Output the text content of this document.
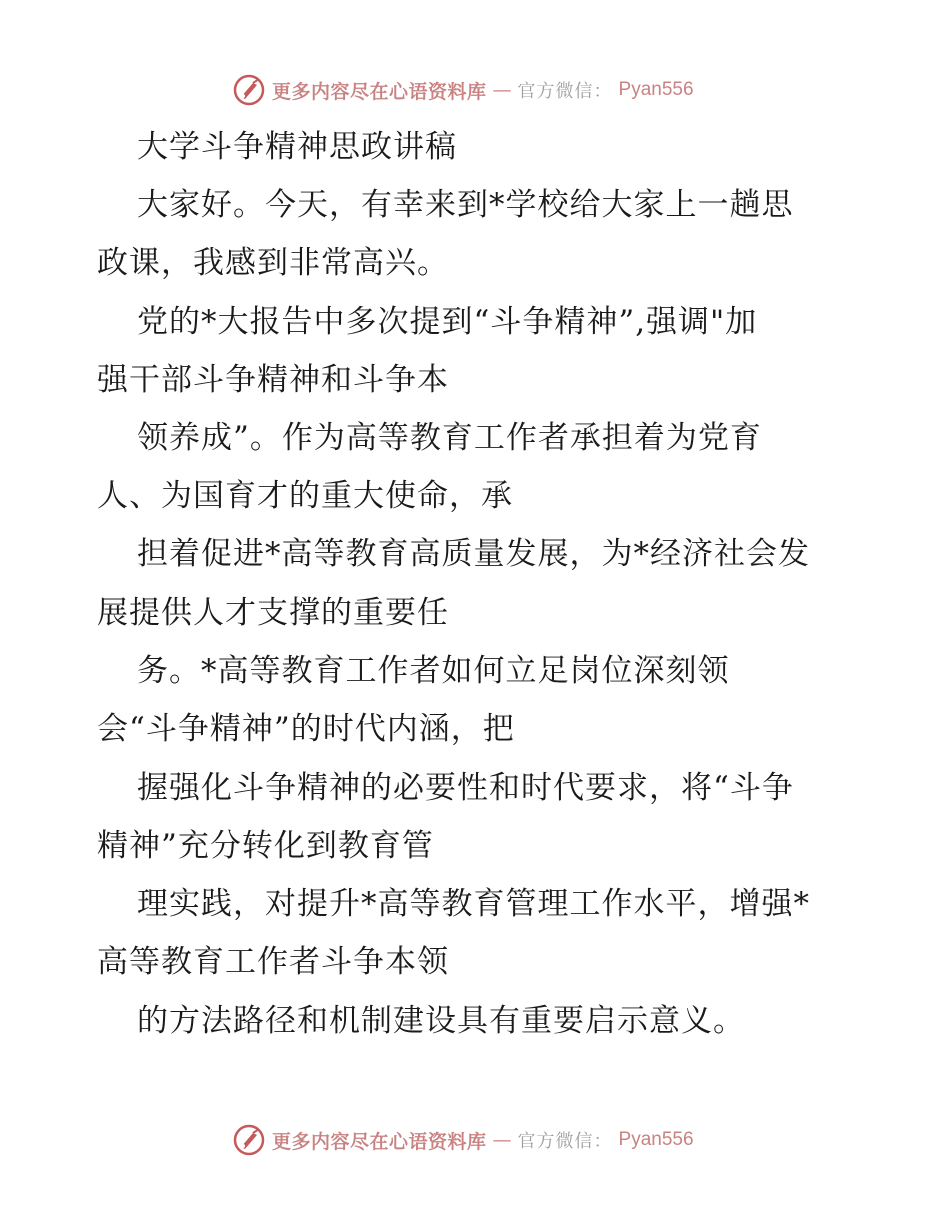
更多内容尽在心语资料库 — 官方微信： Pyan556
大学斗争精神思政讲稿
大家好。今天，有幸来到*学校给大家上一趟思
政课，我感到非常高兴。
党的*大报告中多次提到“斗争精神”,强调"加
强干部斗争精神和斗争本
领养成”。作为高等教育工作者承担着为党育
人、为国育才的重大使命，承
担着促进*高等教育高质量发展，为*经济社会发
展提供人才支撑的重要任
务。*高等教育工作者如何立足岗位深刻领
会“斗争精神”的时代内涵，把
握强化斗争精神的必要性和时代要求，将“斗争
精神”充分转化到教育管
理实践，对提升*高等教育管理工作水平，增强*
高等教育工作者斗争本领
的方法路径和机制建设具有重要启示意义。
更多内容尽在心语资料库 — 官方微信： Pyan556
